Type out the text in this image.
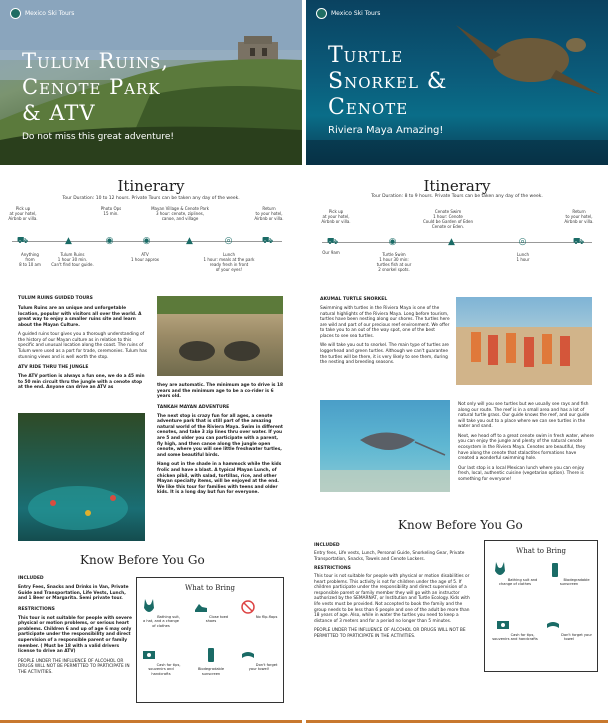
Mexico Ski Tours
Tulum Ruins,
Cenote Park
& ATV
Do not miss this great adventure!
Itinerary
Tour Duration: 10 to 12 hours. Private Tours can be taken any day of the week.
Pick up
at your hotel,
Airbnb or villa.
Photo Ops
15 min.
Mayan Village & Cenote Park
3 hour: cenote, ziplines,
canoe, and village
Return
to your hotel,
Airbnb or villa.
⛟	▲	◉	◉	▲	◎	⛟
Anything
from
8 to 10 am
Tulum Ruins
1 hour 30 min.
Can't find tour guide.
ATV
1 hour approx
Lunch
1 hour: meals at the park
ready fresh in front
of your eyes!
TULUM RUINS GUIDED TOURS
Tulum Ruins are an unique and unforgetable location, popular with visitors all over the world. A great way to enjoy a smaller ruins site and learn about the Mayan Culture.
A guided ruins tour gives you a thorough understanding of the history of our Mayan culture as in relation to this specific and unusual location along the coast. The ruins of Tulum were used as a port for trade, ceremonies. Tulum has stunning views and is well worth the stop.
ATV RIDE THRU THE JUNGLE
The ATV portion is always a fun one, we do a 45 min to 50 min circuit thru the jungle with a cenote stop at the end. Anyone can drive an ATV as	they are automatic. The minimum age to drive is 18 years and the minimum age to be a co-rider is 6 years old.
TANKAH MAYAN ADVENTURE
The next stop is crazy fun for all ages, a cenote adventure park that is still part of the amazing natural world of the Riviera Maya. Swim in different cenotes, and take 3 zip lines thru over water. If you are 5 and older you can participate with a parent, fly high, and then canoe along the jungle open cenote, where you will see little freshwater turtles, and some beautiful birds.
Hang out in the shade in a hammock while the kids frolic and have a blast. A typical Mayan Lunch, of chicken pibil, with salad, tortillas, rice, and other Mayan specialty items, will be enjoyed at the end. We like this tour for families with teens and older kids. It is a long day but fun for everyone.
Know Before You Go
INCLUDED
Entry Fees, Snacks and Drinks in Van, Private Guide and Transportation, Life Vests, Lunch, and 1 Beer or Margarita. Semi private tour.
RESTRICTIONS
This tour is not suitable for people with severe physical or motion problems, or serious heart problems. Children 6 and up of age 6 may only participate under the responsibility and direct supervision of a responsible parent or family member. ( Must be 18 with a valid drivers license to drive an ATV)
PEOPLE UNDER THE INFLUENCE OF ALCOHOL OR DRUGS WILL NOT BE PERMITTED TO PARTICIPATE IN THE ACTIVITIES.
What to Bring
Bathing suit, a hat, and a change of clothes
Close toed shoes
No flip-flops
Cash for tips, souvenirs and handcrafts
Biodegradable sunscreen
Don't forget your towel!
Mexico Ski Tours
Turtle
Snorkel &
Cenote
Riviera Maya Amazing!
Itinerary
Tour Duration: 8 to 9 hours. Private Tours can be taken any day of the week.
Pick up
at your hotel,
Airbnb or villa.
Cenote Swim
1 hour: Cenote
Could be Garden of Eden
Cenote or Eden.
Return
to your hotel,
Airbnb or villa.
⛟	◉	▲	◎	⛟
Our 9am	Turtle Swim
1 hour 30 min:
turtles fish at our
2 snorkel spots.
Lunch
1 hour
AKUMAL TURTLE SNORKEL
Swimming with turtles in the Riviera Maya is one of the natural highlights of the Riviera Maya. Long before tourism, turtles have been nesting along our shores. The turtles here are wild and part of our precious reef environment. We offer to take you to an out of the way spot, one of the best places to see sea turtles.
We will take you out to snorkel. The main type of turtles are loggerhead and green turtles. Although we can't guarantee the turtles will be there, it is very likely to see them, during the nesting and breeding seasons.
Not only will you see turtles but we usually see rays and fish along our route. The reef is in a small area and has a lot of natural turtle grass. Our guide knows the reef, and our guide will take you out to a place where we can see turtles in the water and sand.
Next, we head off to a great cenote swim in fresh water, where you can enjoy the jungle and plenty of the natural cenote ecosystem in the Riviera Maya. Cenotes are beautiful, they have along the cenote that stalactites formations have created a wonderful swimming hole.
Our last stop is a local Mexican lunch where you can enjoy fresh, local, authentic cuisine (vegetarian option). There is something for everyone!
Know Before You Go
INCLUDED
Entry fees, Life vests, Lunch, Personal Guide, Snorkeling Gear, Private Transportation, Snacks, Towels and Cenote Lockers.
RESTRICTIONS
This tour is not suitable for people with physical or motion disabilities or heart problems. This activity is not for children under the age of 5. If children participate under the responsibility and direct supervision of a responsible parent or family member they will go with an instructor authorized by the SEMARNAT, or Institution and Turtle Ecology. Kids with life vests must be provided. Not accepted to book the family and the group needs to be less than 6 people and one of the adult be more than 18 years of age. Also, while in water the turtles you need to keep a distance of 3 meters and for a period no longer than 5 minutes.
PEOPLE UNDER THE INFLUENCE OF ALCOHOL OR DRUGS WILL NOT BE PERMITTED TO PARTICIPATE IN THE ACTIVITIES.
What to Bring
Bathing suit and change of clothes
Biodegradable sunscreen
Cash for tips, souvenirs and handcrafts
Don't forget your towel
